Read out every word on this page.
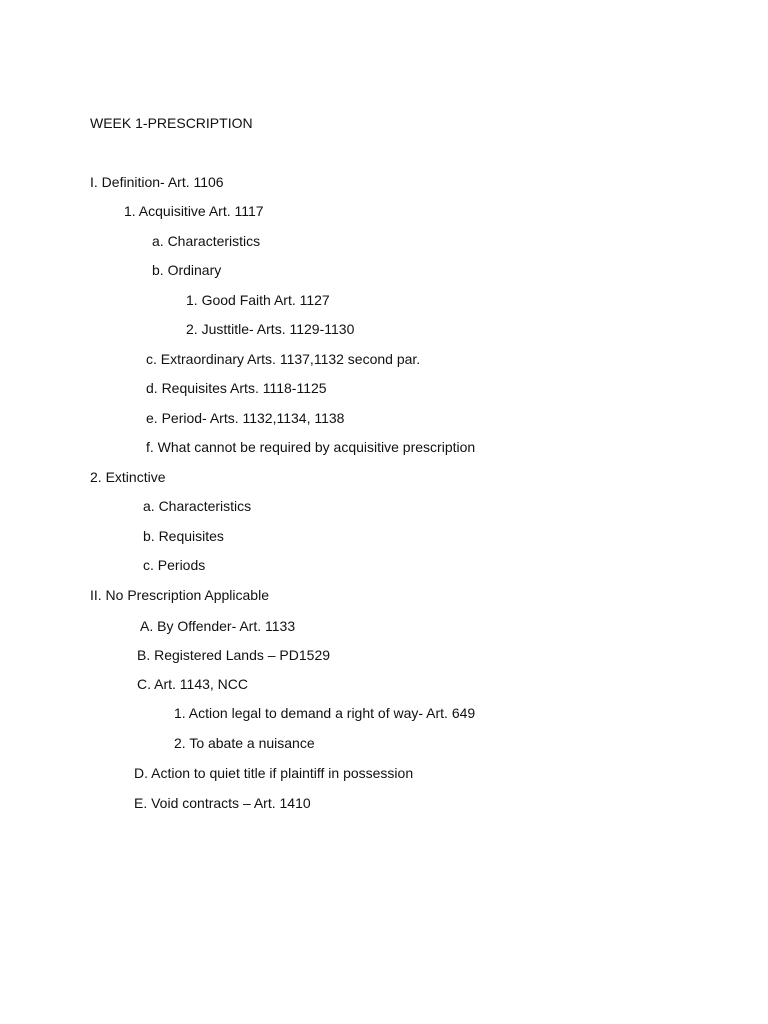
WEEK 1-PRESCRIPTION
I. Definition- Art. 1106
1. Acquisitive Art. 1117
a. Characteristics
b. Ordinary
1. Good Faith Art. 1127
2. Justtitle- Arts. 1129-1130
c. Extraordinary Arts. 1137,1132 second par.
d. Requisites Arts. 1118-1125
e. Period- Arts. 1132,1134, 1138
f. What cannot be required by acquisitive prescription
2. Extinctive
a. Characteristics
b. Requisites
c. Periods
II. No Prescription Applicable
A. By Offender- Art. 1133
B. Registered Lands – PD1529
C. Art. 1143, NCC
1. Action legal to demand a right of way- Art. 649
2. To abate a nuisance
D. Action to quiet title if plaintiff in possession
E. Void contracts – Art. 1410
